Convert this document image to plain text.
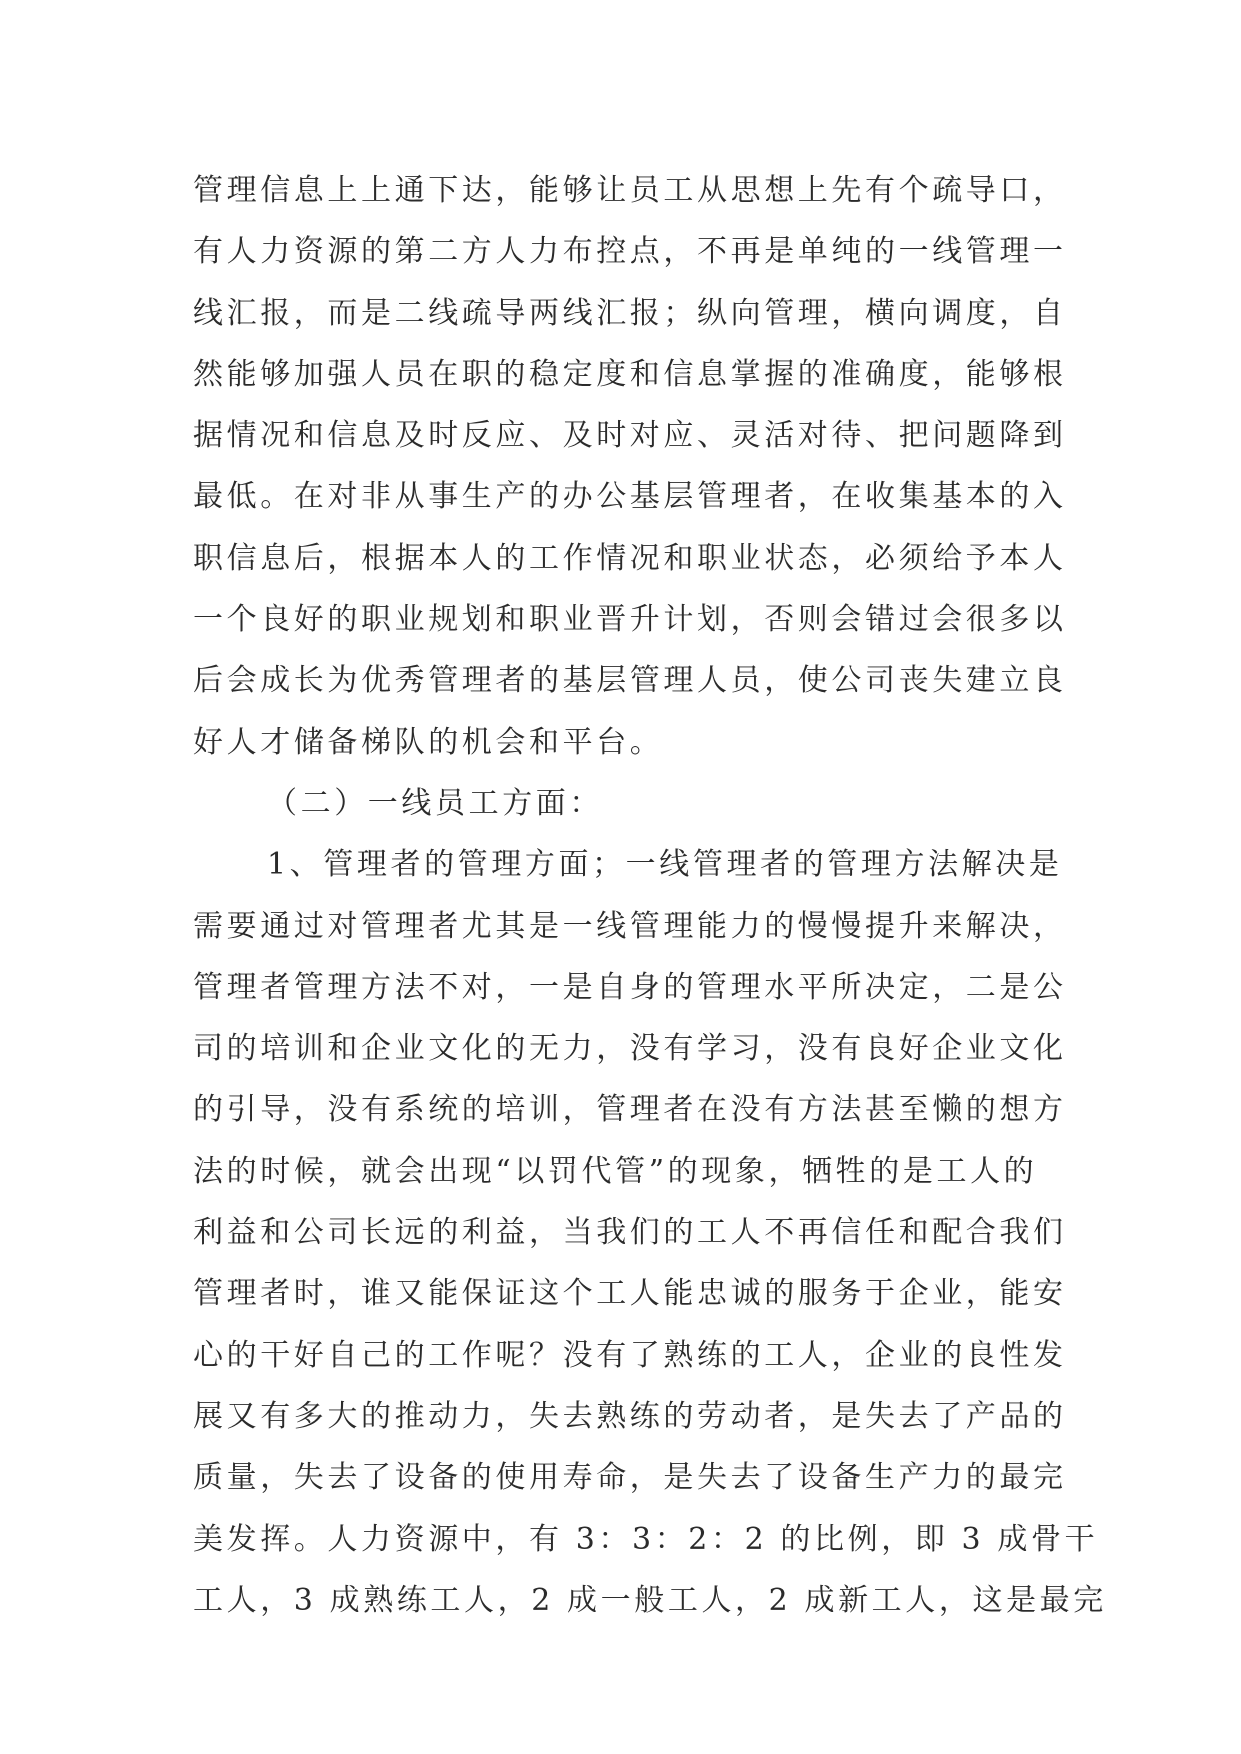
管理信息上上通下达，能够让员工从思想上先有个疏导口，
有人力资源的第二方人力布控点，不再是单纯的一线管理一
线汇报，而是二线疏导两线汇报；纵向管理，横向调度，自
然能够加强人员在职的稳定度和信息掌握的准确度，能够根
据情况和信息及时反应、及时对应、灵活对待、把问题降到
最低。在对非从事生产的办公基层管理者，在收集基本的入
职信息后，根据本人的工作情况和职业状态，必须给予本人
一个良好的职业规划和职业晋升计划，否则会错过会很多以
后会成长为优秀管理者的基层管理人员，使公司丧失建立良
好人才储备梯队的机会和平台。
（二）一线员工方面：
1、管理者的管理方面；一线管理者的管理方法解决是
需要通过对管理者尤其是一线管理能力的慢慢提升来解决，
管理者管理方法不对，一是自身的管理水平所决定，二是公
司的培训和企业文化的无力，没有学习，没有良好企业文化
的引导，没有系统的培训，管理者在没有方法甚至懒的想方
法的时候，就会出现“以罚代管”的现象，牺牲的是工人的
利益和公司长远的利益，当我们的工人不再信任和配合我们
管理者时，谁又能保证这个工人能忠诚的服务于企业，能安
心的干好自己的工作呢？没有了熟练的工人，企业的良性发
展又有多大的推动力，失去熟练的劳动者，是失去了产品的
质量，失去了设备的使用寿命，是失去了设备生产力的最完
美发挥。人力资源中，有 3：3：2：2 的比例，即 3 成骨干
工人，3 成熟练工人，2 成一般工人，2 成新工人，这是最完
